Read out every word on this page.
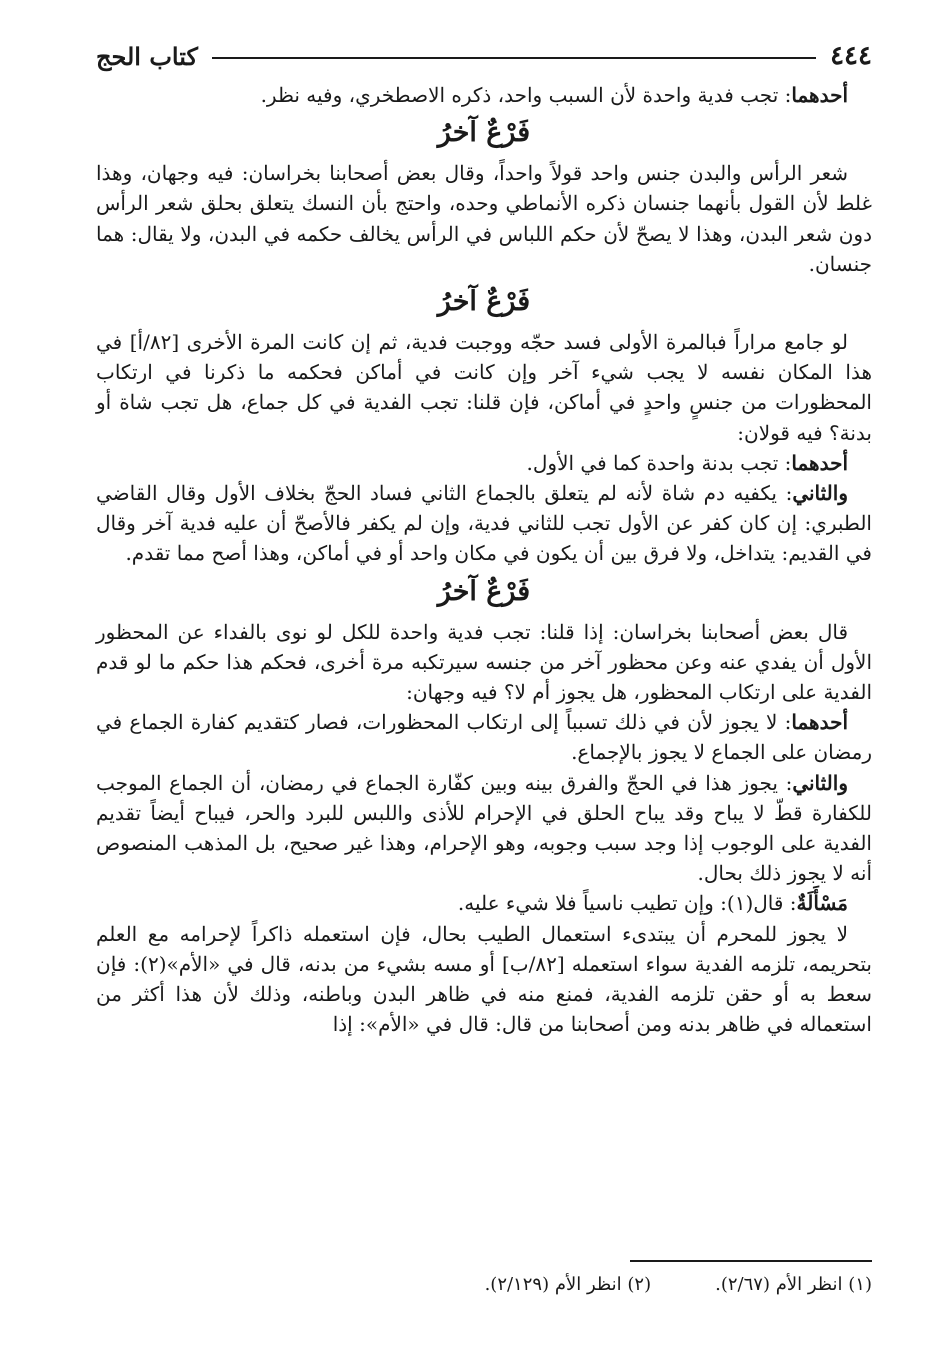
٤٤٤
كتاب الحج

أحدهما: تجب فدية واحدة لأن السبب واحد، ذكره الاصطخري، وفيه نظر.

فَرْعٌ آخرُ

شعر الرأس والبدن جنس واحد قولاً واحداً، وقال بعض أصحابنا بخراسان: فيه وجهان، وهذا غلط لأن القول بأنهما جنسان ذكره الأنماطي وحده، واحتج بأن النسك يتعلق بحلق شعر الرأس دون شعر البدن، وهذا لا يصحّ لأن حكم اللباس في الرأس يخالف حكمه في البدن، ولا يقال: هما جنسان.

فَرْعٌ آخرُ

لو جامع مراراً فبالمرة الأولى فسد حجّه ووجبت فدية، ثم إن كانت المرة الأخرى [٨٢/أ] في هذا المكان نفسه لا يجب شيء آخر وإن كانت في أماكن فحكمه ما ذكرنا في ارتكاب المحظورات من جنسٍ واحدٍ في أماكن، فإن قلنا: تجب الفدية في كل جماع، هل تجب شاة أو بدنة؟ فيه قولان:

أحدهما: تجب بدنة واحدة كما في الأول.

والثاني: يكفيه دم شاة لأنه لم يتعلق بالجماع الثاني فساد الحجّ بخلاف الأول وقال القاضي الطبري: إن كان كفر عن الأول تجب للثاني فدية، وإن لم يكفر فالأصحّ أن عليه فدية آخر وقال في القديم: يتداخل، ولا فرق بين أن يكون في مكان واحد أو في أماكن، وهذا أصح مما تقدم.

فَرْعٌ آخرُ

قال بعض أصحابنا بخراسان: إذا قلنا: تجب فدية واحدة للكل لو نوى بالفداء عن المحظور الأول أن يفدي عنه وعن محظور آخر من جنسه سيرتكبه مرة أخرى، فحكم هذا حكم ما لو قدم الفدية على ارتكاب المحظور، هل يجوز أم لا؟ فيه وجهان:

أحدهما: لا يجوز لأن في ذلك تسبباً إلى ارتكاب المحظورات، فصار كتقديم كفارة الجماع في رمضان على الجماع لا يجوز بالإجماع.

والثاني: يجوز هذا في الحجّ والفرق بينه وبين كفّارة الجماع في رمضان، أن الجماع الموجب للكفارة قطّ لا يباح وقد يباح الحلق في الإحرام للأذى واللبس للبرد والحر، فيباح أيضاً تقديم الفدية على الوجوب إذا وجد سبب وجوبه، وهو الإحرام، وهذا غير صحيح، بل المذهب المنصوص أنه لا يجوز ذلك بحال.

مَسْأَلَةٌ: قال(١): وإن تطيب ناسياً فلا شيء عليه.

لا يجوز للمحرم أن يبتدىء استعمال الطيب بحال، فإن استعمله ذاكراً لإحرامه مع العلم بتحريمه، تلزمه الفدية سواء استعمله [٨٢/ب] أو مسه بشيء من بدنه، قال في «الأم»(٢): فإن سعط به أو حقن تلزمه الفدية، فمنع منه في ظاهر البدن وباطنه، وذلك لأن هذا أكثر من استعماله في ظاهر بدنه ومن أصحابنا من قال: قال في «الأم»: إذا

(١) انظر الأم (٢/٦٧).
(٢) انظر الأم (٢/١٢٩).
